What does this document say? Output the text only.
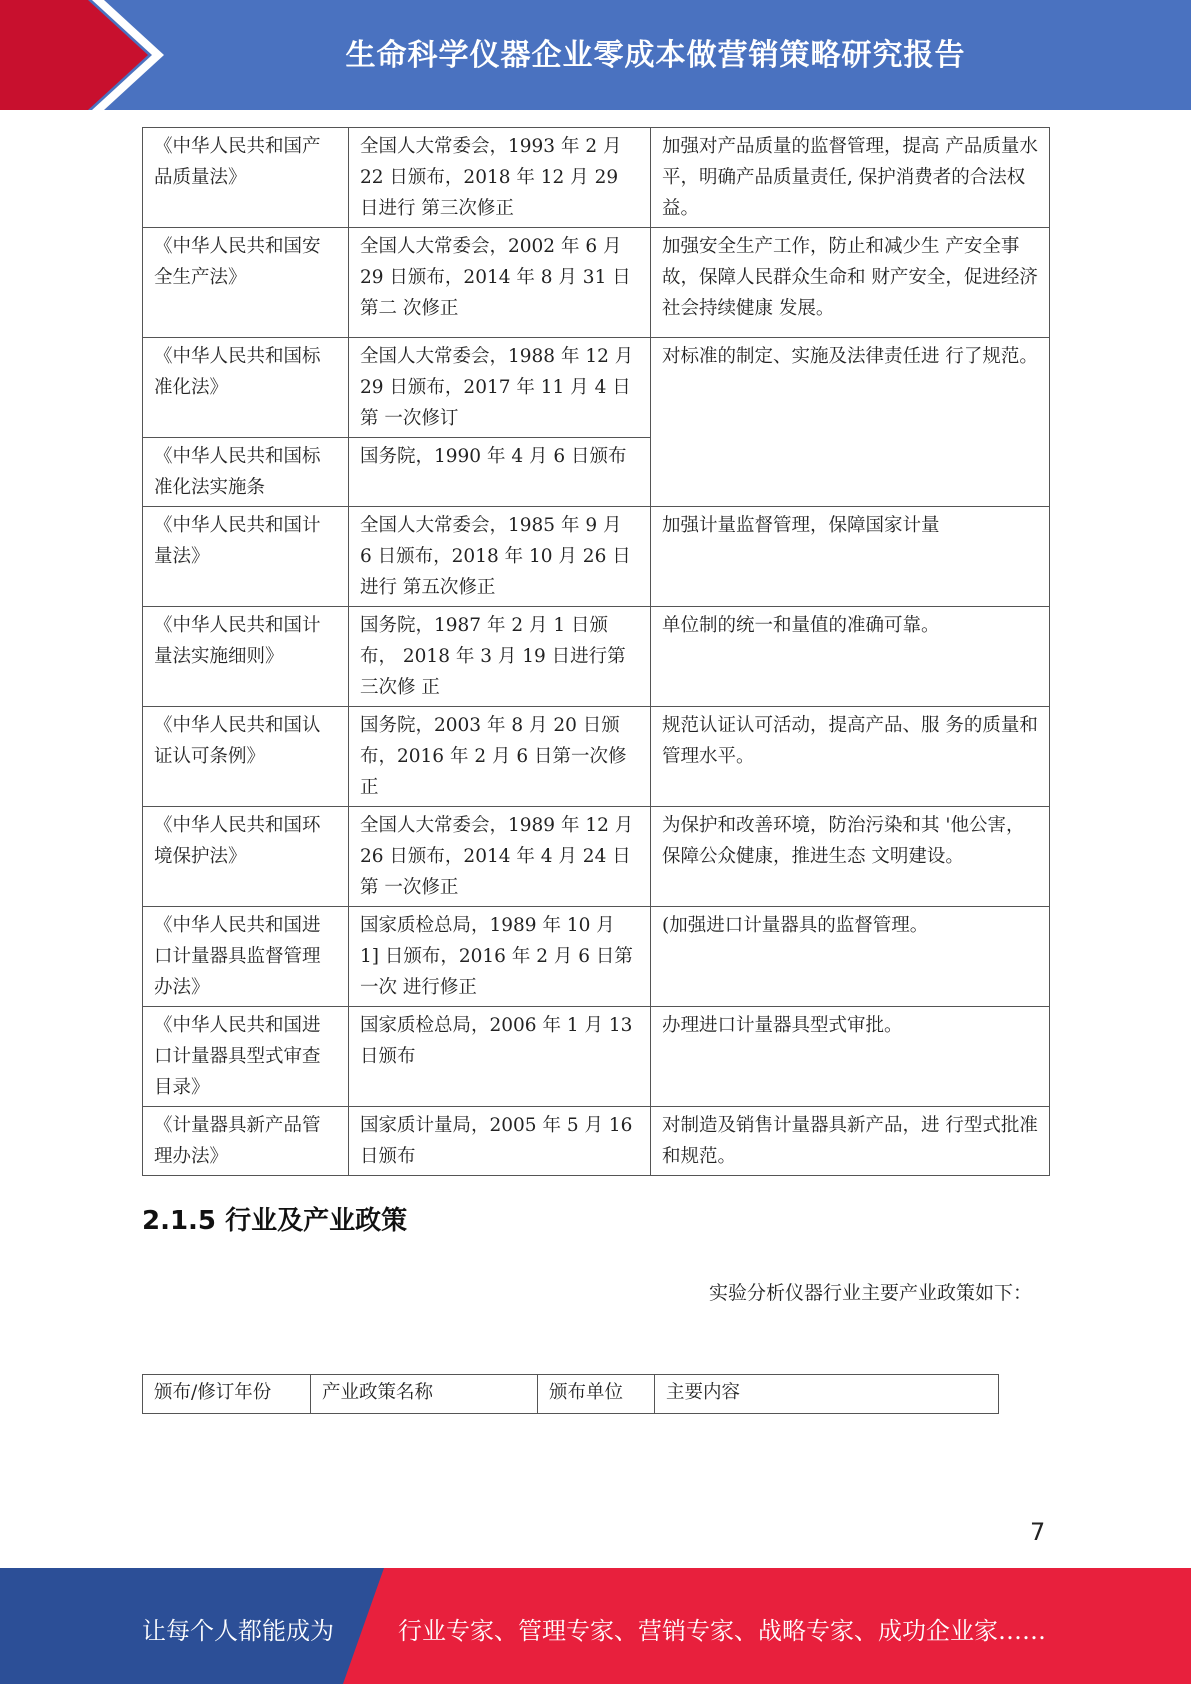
生命科学仪器企业零成本做营销策略研究报告
《中华人民共和国产 品质量法》	全国人大常委会，1993 年 2 月 22 日颁布，2018 年 12 月 29 日进行 第三次修正	加强对产品质量的监督管理，提高 产品质量水平，明确产品质量责任, 保护消费者的合法权益。
《中华人民共和国安 全生产法》	全国人大常委会，2002 年 6 月 29 日颁布，2014 年 8 月 31 日第二 次修正	加强安全生产工作，防止和减少生 产安全事故，保障人民群众生命和 财产安全，促进经济社会持续健康 发展。
《中华人民共和国标 准化法》	全国人大常委会，1988 年 12 月 29 日颁布，2017 年 11 月 4 日第 一次修订	对标准的制定、实施及法律责任进 行了规范。
《中华人民共和国标 准化法实施条	国务院，1990 年 4 月 6 日颁布	
《中华人民共和国计 量法》	全国人大常委会，1985 年 9 月 6 日颁布，2018 年 10 月 26 日进行 第五次修正	加强计量监督管理，保障国家计量
《中华人民共和国计 量法实施细则》	国务院，1987 年 2 月 1 日颁布， 2018 年 3 月 19 日进行第三次修 正	单位制的统一和量值的准确可靠。
《中华人民共和国认 证认可条例》	国务院，2003 年 8 月 20 日颁布，2016 年 2 月 6 日第一次修正	规范认证认可活动，提高产品、服 务的质量和管理水平。
《中华人民共和国环 境保护法》	全国人大常委会，1989 年 12 月 26 日颁布，2014 年 4 月 24 日第 一次修正	为保护和改善环境，防治污染和其 '他公害，保障公众健康，推进生态 文明建设。
《中华人民共和国进 口计量器具监督管理 办法》	国家质检总局，1989 年 10 月 1] 日颁布，2016 年 2 月 6 日第一次 进行修正	(加强进口计量器具的监督管理。
《中华人民共和国进 口计量器具型式审查 目录》	国家质检总局，2006 年 1 月 13 日颁布	办理进口计量器具型式审批。
《计量器具新产品管 理办法》	国家质计量局，2005 年 5 月 16 日颁布	对制造及销售计量器具新产品，进 行型式批准和规范。
2.1.5 行业及产业政策
实验分析仪器行业主要产业政策如下：
颁布/修订年份	产业政策名称	颁布单位	主要内容
7
让每个人都能成为	行业专家、管理专家、营销专家、战略专家、成功企业家……
